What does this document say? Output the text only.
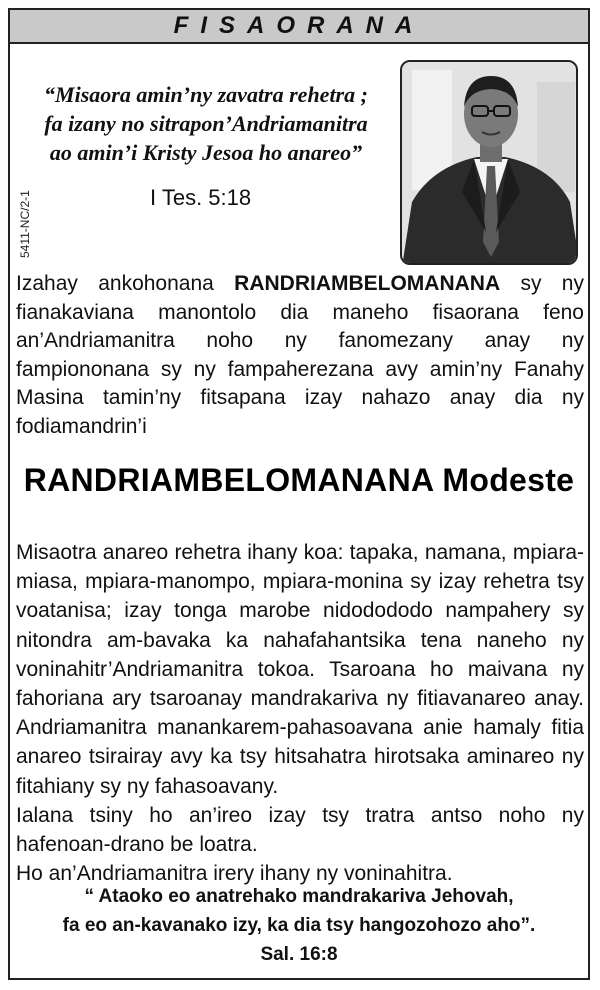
FISAORANA
“Misaora amin’ny zavatra rehetra ;
fa izany no sitrapon’Andriamanitra
ao amin’i Kristy Jesoa ho anareo”
I Tes. 5:18
5411-NC/2-1
Izahay ankohonana RANDRIAMBELOMANANA sy ny fianakaviana manontolo dia maneho fisaorana feno an’Andriamanitra noho ny fanomezany anay ny fampiononana sy ny fampaherezana avy amin’ny Fanahy Masina tamin’ny fitsapana izay nahazo anay dia ny fodiamandrin’i
RANDRIAMBELOMANANA Modeste

Misaotra anareo rehetra ihany koa: tapaka, namana, mpiara-miasa, mpiara-manompo, mpiara-monina sy izay rehetra tsy voatanisa; izay tonga marobe nidodododo nampahery sy nitondra am-bavaka ka nahafahantsika tena naneho ny voninahitr’Andriamanitra tokoa. Tsaroana ho maivana ny fahoriana ary tsaroanay mandrakariva ny fitiavanareo anay. Andriamanitra manankarem-pahasoavana anie hamaly fitia anareo tsirairay avy ka tsy hitsahatra hirotsaka aminareo ny fitahiany sy ny fahasoavany.

Ialana tsiny ho an’ireo izay tsy tratra antso noho ny hafenoan-drano be loatra.

Ho an’Andriamanitra irery ihany ny voninahitra.

“ Ataoko eo anatrehako mandrakariva Jehovah,
fa eo an-kavanako izy, ka dia tsy hangozohozo aho”.
Sal. 16:8
